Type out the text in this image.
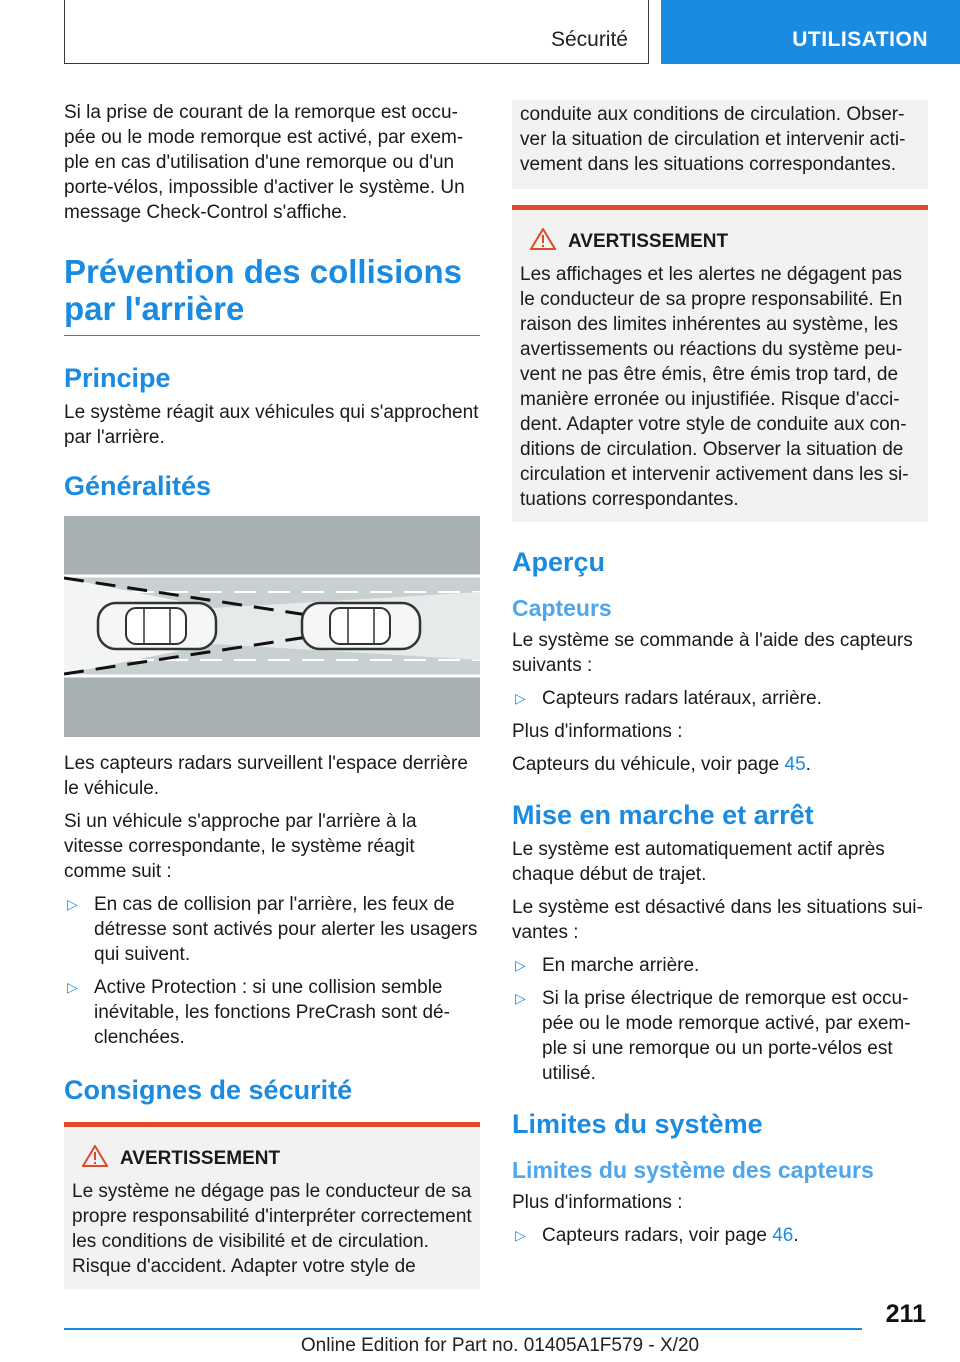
Sécurité	UTILISATION

Si la prise de courant de la remorque est occupée ou le mode remorque est activé, par exemple en cas d'utilisation d'une remorque ou d'un porte-vélos, impossible d'activer le système. Un message Check-Control s'affiche.

Prévention des collisions par l'arrière
Principe

Le système réagit aux véhicules qui s'approchent par l'arrière.

Généralités

Les capteurs radars surveillent l'espace derrière le véhicule.

Si un véhicule s'approche par l'arrière à la vitesse correspondante, le système réagit comme suit :

▷ En cas de collision par l'arrière, les feux de détresse sont activés pour alerter les usagers qui suivent.
▷ Active Protection : si une collision semble inévitable, les fonctions PreCrash sont déclenchées.
Consignes de sécurité
AVERTISSEMENT

Le système ne dégage pas le conducteur de sa propre responsabilité d'interpréter correctement les conditions de visibilité et de circulation. Risque d'accident. Adapter votre style de

conduite aux conditions de circulation. Observer la situation de circulation et intervenir activement dans les situations correspondantes.

AVERTISSEMENT

Les affichages et les alertes ne dégagent pas le conducteur de sa propre responsabilité. En raison des limites inhérentes au système, les avertissements ou réactions du système peuvent ne pas être émis, être émis trop tard, de manière erronée ou injustifiée. Risque d'accident. Adapter votre style de conduite aux conditions de circulation. Observer la situation de circulation et intervenir activement dans les situations correspondantes.

Aperçu
Capteurs

Le système se commande à l'aide des capteurs suivants :

▷ Capteurs radars latéraux, arrière.

Plus d'informations :

Capteurs du véhicule, voir page 45.

Mise en marche et arrêt

Le système est automatiquement actif après chaque début de trajet.

Le système est désactivé dans les situations suivantes :

▷ En marche arrière.
▷ Si la prise électrique de remorque est occupée ou le mode remorque activé, par exemple si une remorque ou un porte-vélos est utilisé.
Limites du système
Limites du système des capteurs

Plus d'informations :

▷ Capteurs radars, voir page 46.
211
Online Edition for Part no. 01405A1F579 - X/20
